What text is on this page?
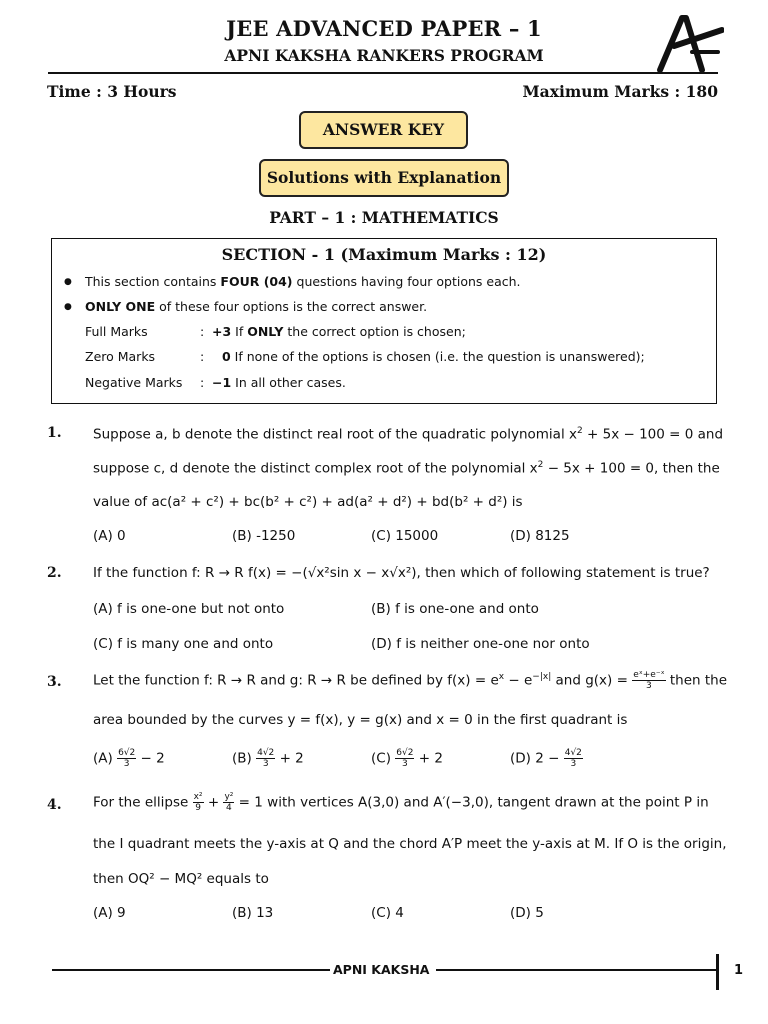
JEE ADVANCED PAPER – 1
APNI KAKSHA RANKERS PROGRAM
Time : 3 Hours	Maximum Marks : 180
ANSWER KEY
Solutions with Explanation
PART – 1 : MATHEMATICS
SECTION - 1 (Maximum Marks : 12)
● This section contains FOUR (04) questions having four options each.
● ONLY ONE of these four options is the correct answer.
Full Marks	: +3 If ONLY the correct option is chosen;
Zero Marks	: 0 If none of the options is chosen (i.e. the question is unanswered);
Negative Marks : −1 In all other cases.
1. Suppose a, b denote the distinct real root of the quadratic polynomial $x^2 + 5x - 100 = 0$ and
suppose c, d denote the distinct complex root of the polynomial $x^2 - 5x + 100 = 0$, then the
value of ac(a² + c²) + bc(b² + c²) + ad(a² + d²) + bd(b² + d²) is
(A) 0	(B) -1250	(C) 15000	(D) 8125
2. If the function f: R → R f(x) = −(√x²sin x − x√x²), then which of following statement is true?
(A) f is one-one but not onto	(B) f is one-one and onto
(C) f is many one and onto	(D) f is neither one-one nor onto
3. Let the function f: R → R and g: R → R be defined by $f(x) = e^x - e^{-|x|}$ and $g(x) = \frac{\text{eˣ+e⁻ˣ}}{3}$ then the
area bounded by the curves y = f(x), y = g(x) and x = 0 in the first quadrant is
$(A) \frac{6√2}{3} - 2$	$(B) \frac{4√2}{3} + 2$	$(C) \frac{6√2}{3} + 2$	(D) $2 - \frac{4√2}{3}$
4. For the ellipse $\frac{\text{x²}}{9} + \frac{\text{y²}}{4} = 1$ with vertices A(3,0) and A′(−3,0), tangent drawn at the point P in
the I quadrant meets the y-axis at Q and the chord A′P meet the y-axis at M. If O is the origin,
then OQ² − MQ² equals to
(A) 9	(B) 13	(C) 4	(D) 5
APNI KAKSHA	1
